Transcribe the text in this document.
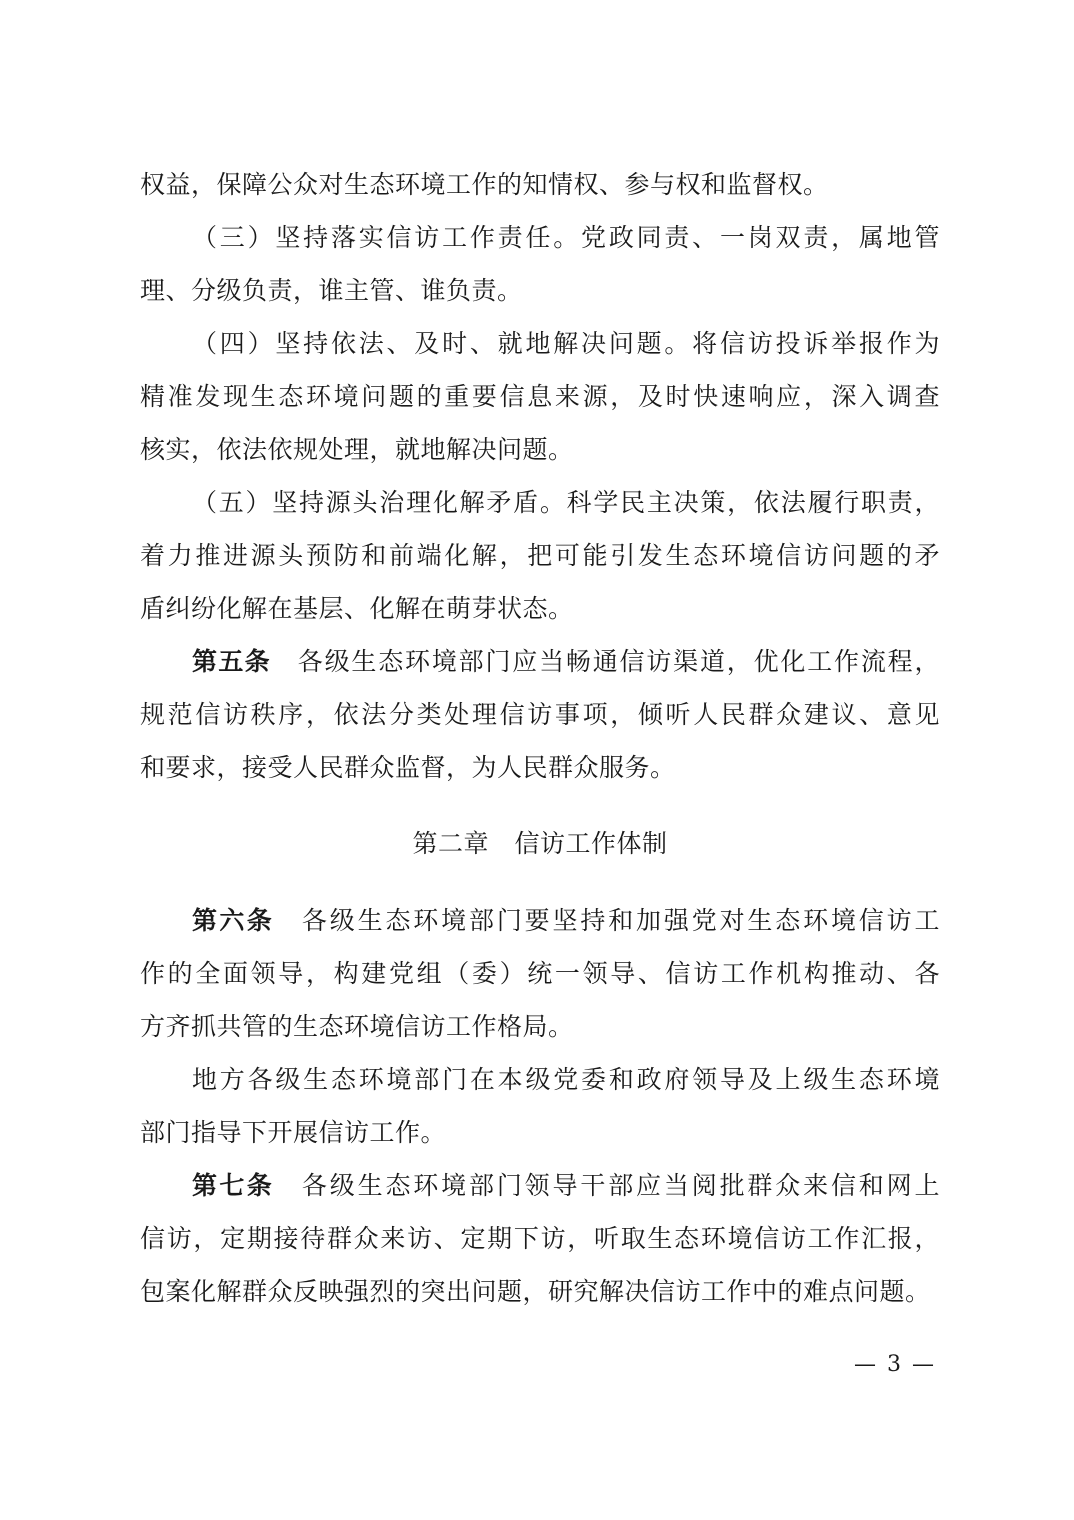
权益，保障公众对生态环境工作的知情权、参与权和监督权。
（三）坚持落实信访工作责任。党政同责、一岗双责，属地管
理、分级负责，谁主管、谁负责。
（四）坚持依法、及时、就地解决问题。将信访投诉举报作为
精准发现生态环境问题的重要信息来源，及时快速响应，深入调查
核实，依法依规处理，就地解决问题。
（五）坚持源头治理化解矛盾。科学民主决策，依法履行职责，
着力推进源头预防和前端化解，把可能引发生态环境信访问题的矛
盾纠纷化解在基层、化解在萌芽状态。
第五条　 各级生态环境部门应当畅通信访渠道，优化工作流程，
规范信访秩序，依法分类处理信访事项，倾听人民群众建议、意见
和要求，接受人民群众监督，为人民群众服务。
第二章　信访工作体制
第六条　 各级生态环境部门要坚持和加强党对生态环境信访工
作的全面领导，构建党组（委）统一领导、信访工作机构推动、各
方齐抓共管的生态环境信访工作格局。
地方各级生态环境部门在本级党委和政府领导及上级生态环境
部门指导下开展信访工作。
第七条　 各级生态环境部门领导干部应当阅批群众来信和网上
信访，定期接待群众来访、定期下访，听取生态环境信访工作汇报，
包案化解群众反映强烈的突出问题，研究解决信访工作中的难点问题。
— 3 —
